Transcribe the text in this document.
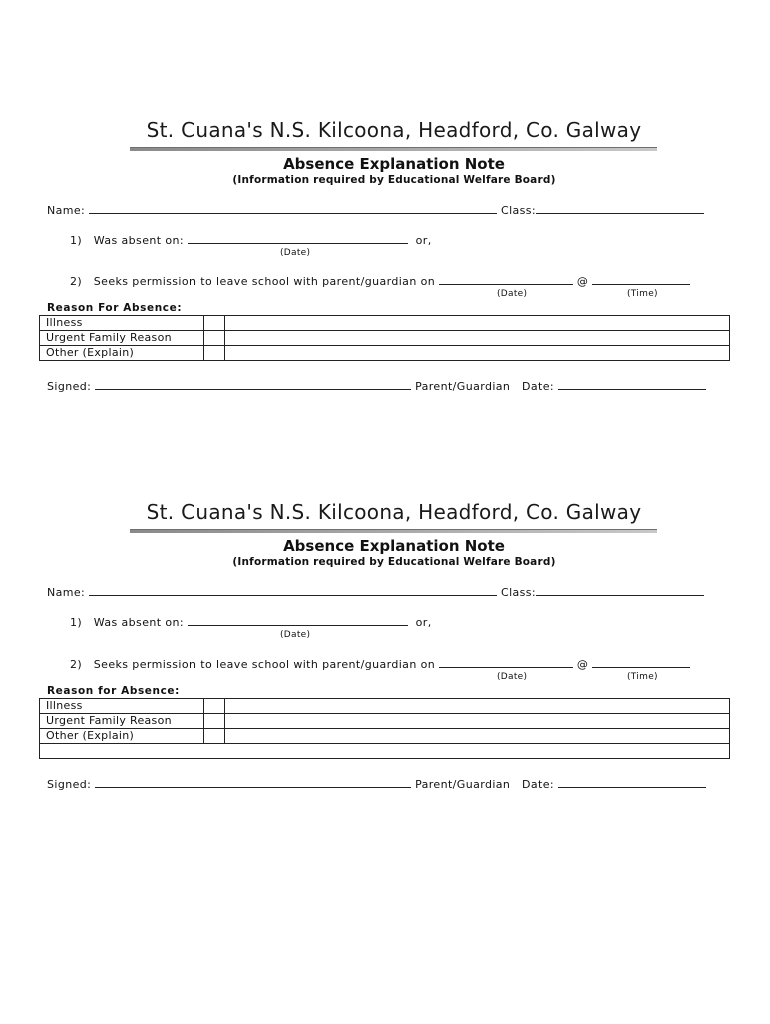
St. Cuana's N.S. Kilcoona, Headford, Co. Galway
Absence Explanation Note
(Information required by Educational Welfare Board)
Name:	Class:
1) Was absent on:	or,
(Date)
2) Seeks permission to leave school with parent/guardian on	@
(Date)	(Time)
Reason For Absence:
Illness		
Urgent Family Reason		
Other (Explain)		
Signed:	Parent/Guardian Date:
St. Cuana's N.S. Kilcoona, Headford, Co. Galway
Absence Explanation Note
(Information required by Educational Welfare Board)
Name:	Class:
1) Was absent on:	or,
(Date)
2) Seeks permission to leave school with parent/guardian on	@
(Date)	(Time)
Reason for Absence:
Illness		
Urgent Family Reason		
Other (Explain)		

Signed:	Parent/Guardian Date:
